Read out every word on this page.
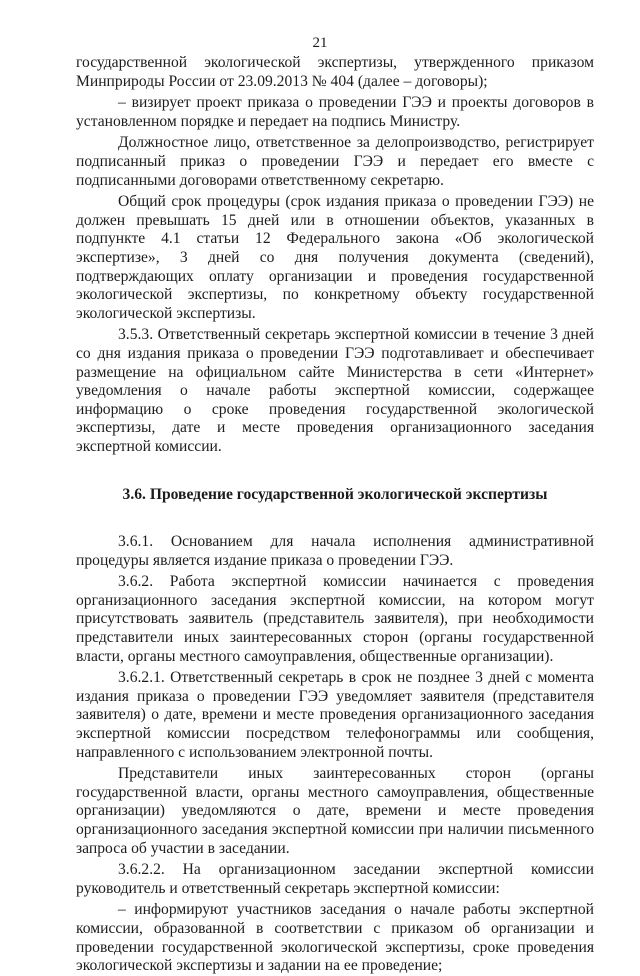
21

государственной экологической экспертизы, утвержденного приказом Минприроды России от 23.09.2013 № 404 (далее – договоры);

– визирует проект приказа о проведении ГЭЭ и проекты договоров в установленном порядке и передает на подпись Министру.

Должностное лицо, ответственное за делопроизводство, регистрирует подписанный приказ о проведении ГЭЭ и передает его вместе с подписанными договорами ответственному секретарю.

Общий срок процедуры (срок издания приказа о проведении ГЭЭ) не должен превышать 15 дней или в отношении объектов, указанных в подпункте 4.1 статьи 12 Федерального закона «Об экологической экспертизе», 3 дней со дня получения документа (сведений), подтверждающих оплату организации и проведения государственной экологической экспертизы, по конкретному объекту государственной экологической экспертизы.

3.5.3. Ответственный секретарь экспертной комиссии в течение 3 дней со дня издания приказа о проведении ГЭЭ подготавливает и обеспечивает размещение на официальном сайте Министерства в сети «Интернет» уведомления о начале работы экспертной комиссии, содержащее информацию о сроке проведения государственной экологической экспертизы, дате и месте проведения организационного заседания экспертной комиссии.

3.6. Проведение государственной экологической экспертизы

3.6.1. Основанием для начала исполнения административной процедуры является издание приказа о проведении ГЭЭ.

3.6.2. Работа экспертной комиссии начинается с проведения организационного заседания экспертной комиссии, на котором могут присутствовать заявитель (представитель заявителя), при необходимости представители иных заинтересованных сторон (органы государственной власти, органы местного самоуправления, общественные организации).

3.6.2.1. Ответственный секретарь в срок не позднее 3 дней с момента издания приказа о проведении ГЭЭ уведомляет заявителя (представителя заявителя) о дате, времени и месте проведения организационного заседания экспертной комиссии посредством телефонограммы или сообщения, направленного с использованием электронной почты.

Представители иных заинтересованных сторон (органы государственной власти, органы местного самоуправления, общественные организации) уведомляются о дате, времени и месте проведения организационного заседания экспертной комиссии при наличии письменного запроса об участии в заседании.

3.6.2.2. На организационном заседании экспертной комиссии руководитель и ответственный секретарь экспертной комиссии:

– информируют участников заседания о начале работы экспертной комиссии, образованной в соответствии с приказом об организации и проведении государственной экологической экспертизы, сроке проведения экологической экспертизы и задании на ее проведение;
